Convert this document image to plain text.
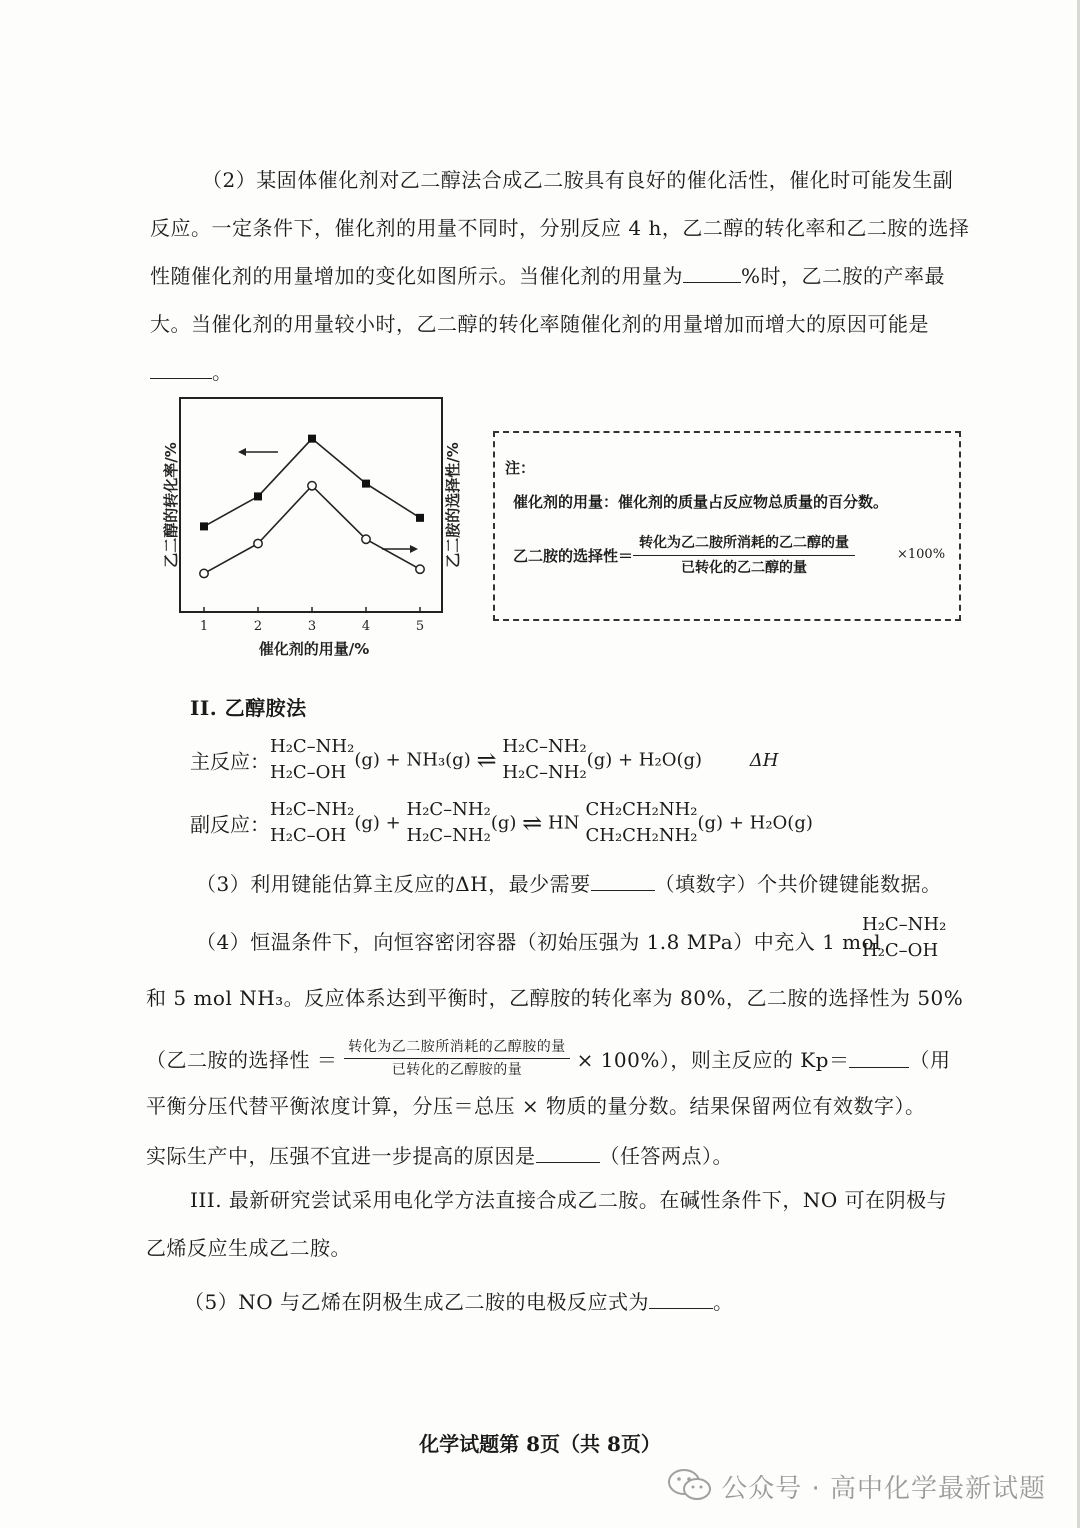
（2）某固体催化剂对乙二醇法合成乙二胺具有良好的催化活性，催化时可能发生副反应。一定条件下，催化剂的用量不同时，分别反应 4 h，乙二醇的转化率和乙二胺的选择性随催化剂的用量增加的变化如图所示。当催化剂的用量为	%时，乙二胺的产率最大。当催化剂的用量较小时，乙二醇的转化率随催化剂的用量增加而增大的原因可能是。
1	2	3	4	5
乙二醇的转化率/%	乙二胺的选择性/%
催化剂的用量/%
注：
催化剂的用量：催化剂的质量占反应物总质量的百分数。
乙二胺的选择性＝
转化为乙二胺所消耗的乙二醇的量
已转化的乙二醇的量
×100%
II. 乙醇胺法
主反应：
H₂C–NH₂
H₂C–OH
(g) + NH₃(g) ⇌ H₂C–NH₂
H₂C–NH₂
(g) + H₂O(g)	ΔH
副反应：
H₂C–NH₂
H₂C–OH
(g) +
H₂C–NH₂
H₂C–NH₂
(g) ⇌ HN
CH₂CH₂NH₂
CH₂CH₂NH₂
(g) + H₂O(g)
（3）利用键能估算主反应的ΔH，最少需要	（填数字）个共价键键能数据。
（4）恒温条件下，向恒容密闭容器（初始压强为 1.8 MPa）中充入 1 mol
H₂C–NH₂
H₂C–OH
和 5 mol NH₃。反应体系达到平衡时，乙醇胺的转化率为 80%，乙二胺的选择性为 50%
（乙二胺的选择性 ＝ $\frac{\text{转化为乙二胺所消耗的乙醇胺的量}}{\text{已转化的乙醇胺的量}} \times 100\%$），则主反应的 Kp＝	（用
平衡分压代替平衡浓度计算，分压＝总压 × 物质的量分数。结果保留两位有效数字）。
实际生产中，压强不宜进一步提高的原因是	（任答两点）。
III. 最新研究尝试采用电化学方法直接合成乙二胺。在碱性条件下，NO 可在阴极与乙烯反应生成乙二胺。
（5）NO 与乙烯在阴极生成乙二胺的电极反应式为	。
化学试题第 8页（共 8页）
公众号 · 高中化学最新试题
